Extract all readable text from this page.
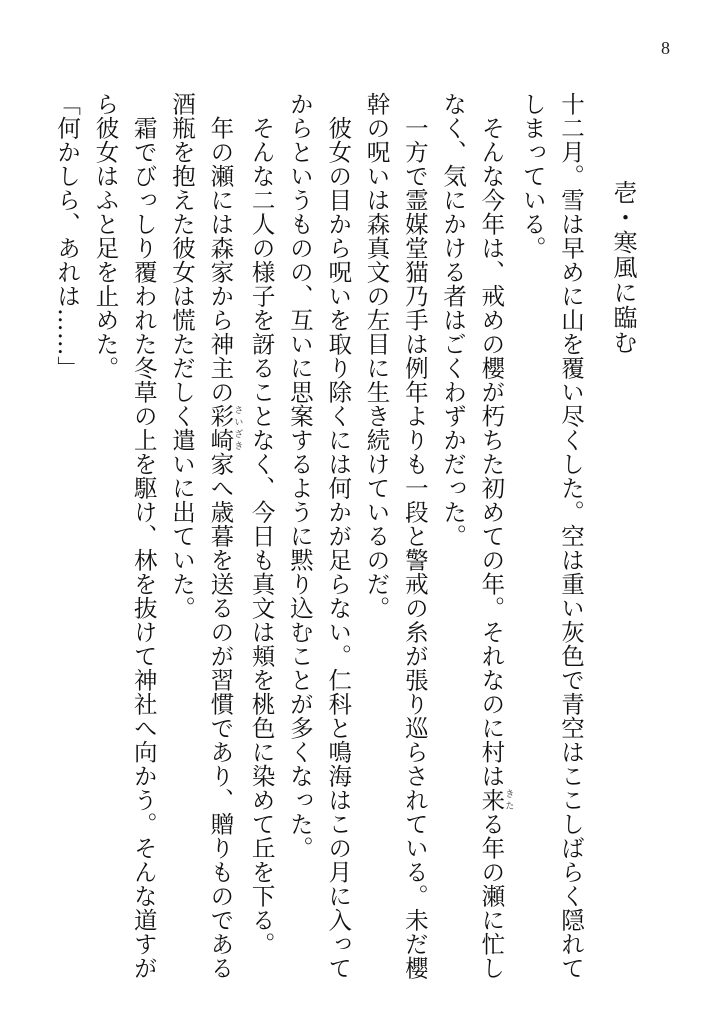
8
壱・寒風に臨む

十二月。雪は早めに山を覆い尽くした。空は重い灰色で青空はここしばらく隠れてしまっている。

そんな今年は、戒めの櫻が朽ちた初めての年。それなのに村は来きたる年の瀬に忙しなく、気にかける者はごくわずかだった。

一方で霊媒堂猫乃手は例年よりも一段と警戒の糸が張り巡らされている。未だ櫻幹の呪いは森真文の左目に生き続けているのだ。

彼女の目から呪いを取り除くには何かが足らない。仁科と鳴海はこの月に入ってからというものの、互いに思案するように黙り込むことが多くなった。

そんな二人の様子を訝ることなく、今日も真文は頬を桃色に染めて丘を下る。

年の瀬には森家から神主の彩崎さいざき家へ歳暮を送るのが習慣であり、贈りものである酒瓶を抱えた彼女は慌ただしく遣いに出ていた。

霜でびっしり覆われた冬草の上を駆け、林を抜けて神社へ向かう。そんな道すがら彼女はふと足を止めた。

「何かしら、あれは……」
